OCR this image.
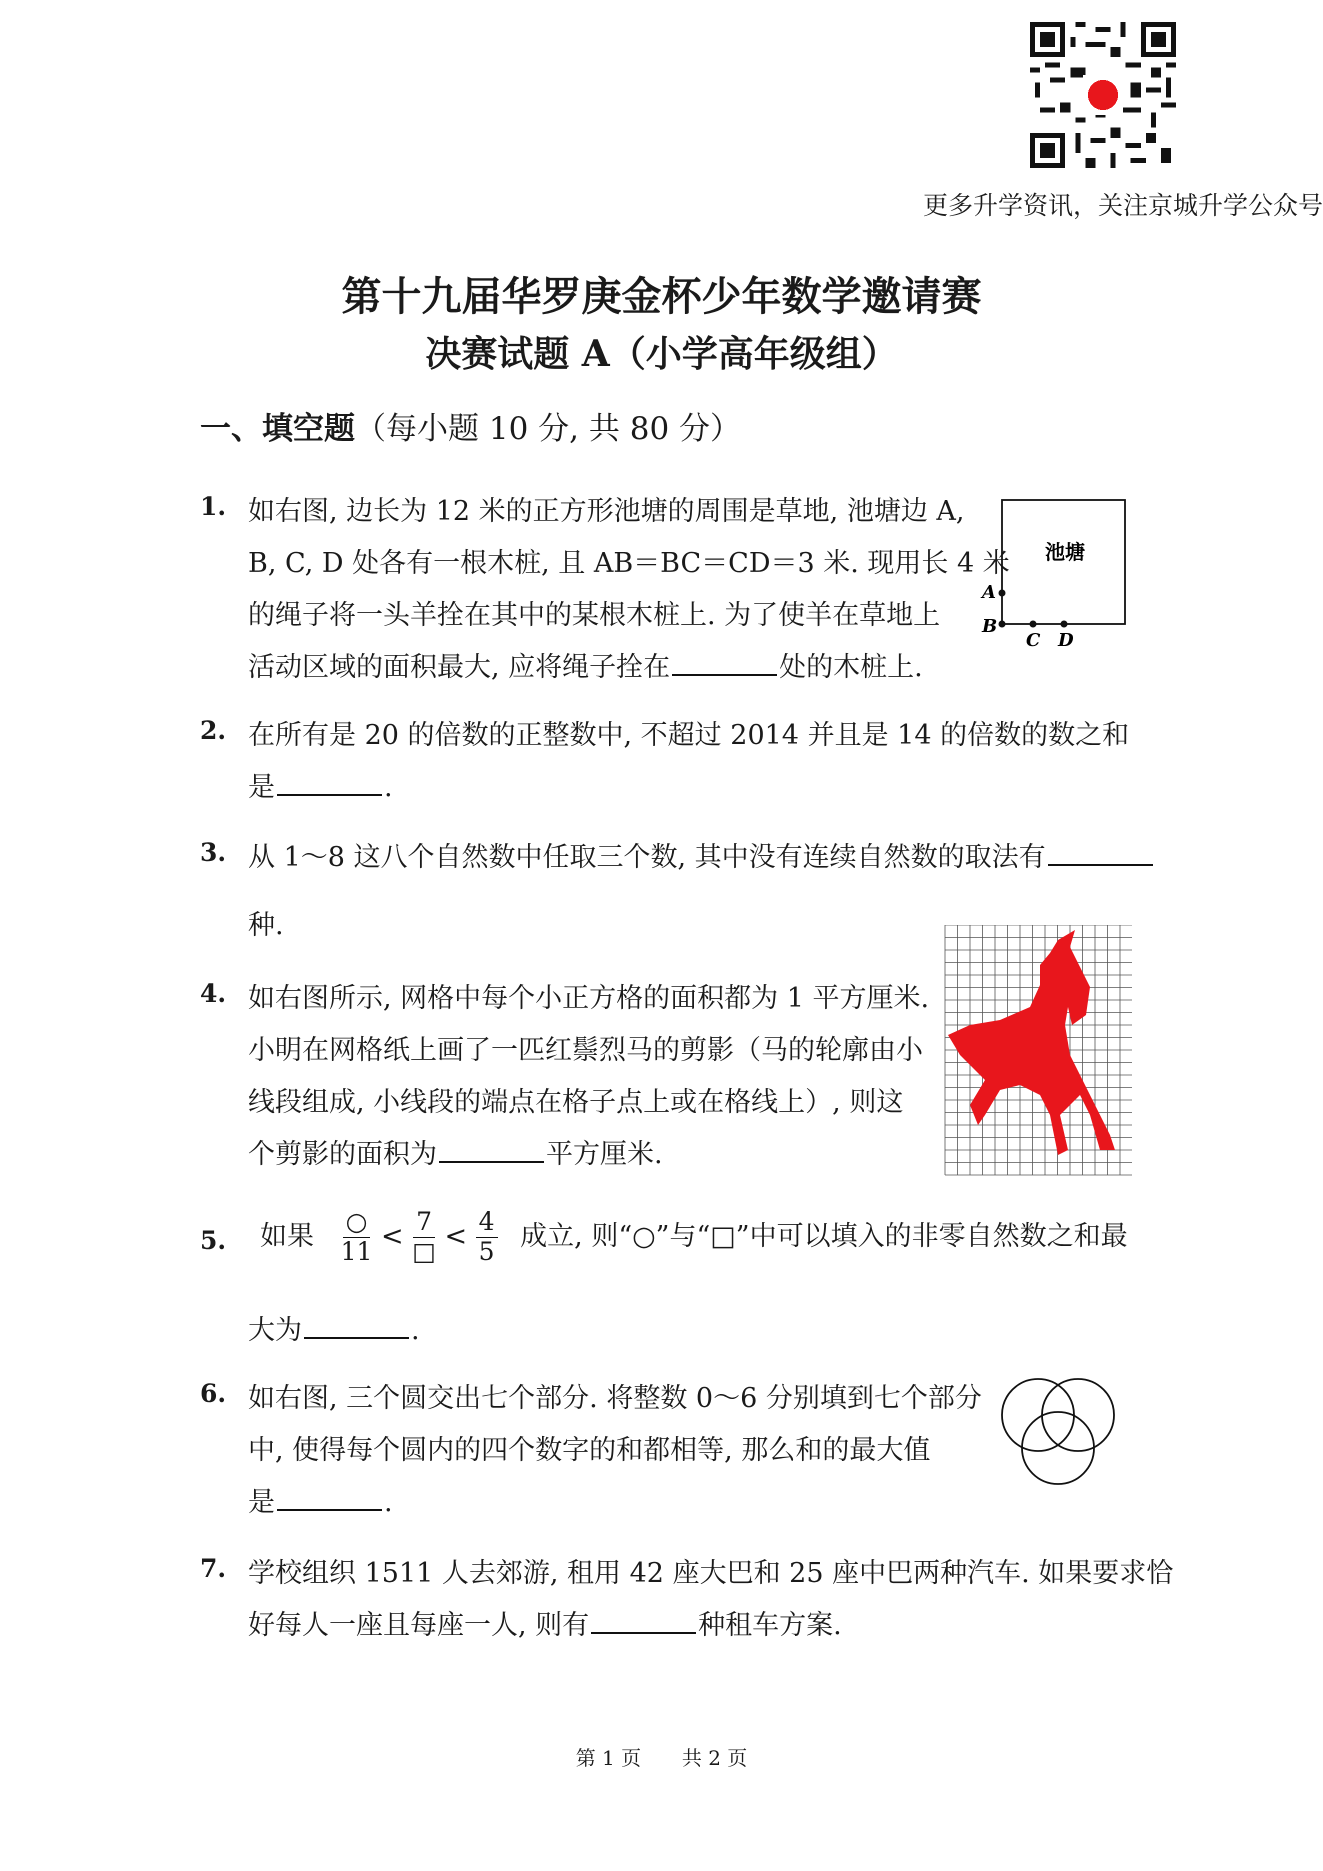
更多升学资讯，关注京城升学公众号
第十九届华罗庚金杯少年数学邀请赛
决赛试题 A（小学高年级组）
一、填空题（每小题 10 分, 共 80 分）
1. 如右图, 边长为 12 米的正方形池塘的周围是草地, 池塘边 A,
B, C, D 处各有一根木桩, 且 AB＝BC＝CD＝3 米. 现用长 4 米
的绳子将一头羊拴在其中的某根木桩上. 为了使羊在草地上
活动区域的面积最大, 应将绳子拴在	处的木桩上.
池塘
A
B
C D
2. 在所有是 20 的倍数的正整数中, 不超过 2014 并且是 14 的倍数的数之和
是	.
3. 从 1～8 这八个自然数中任取三个数, 其中没有连续自然数的取法有
种.
4. 如右图所示, 网格中每个小正方格的面积都为 1 平方厘米.
小明在网格纸上画了一匹红鬃烈马的剪影（马的轮廓由小
线段组成, 小线段的端点在格子点上或在格线上）, 则这
个剪影的面积为	平方厘米.
5. 如果 $\frac{○}{11} < \frac{7}{□} < \frac{4}{5}$ 成立, 则“○”与“□”中可以填入的非零自然数之和最
大为	.
6. 如右图, 三个圆交出七个部分. 将整数 0～6 分别填到七个部分
中, 使得每个圆内的四个数字的和都相等, 那么和的最大值
是	.
7. 学校组织 1511 人去郊游, 租用 42 座大巴和 25 座中巴两种汽车. 如果要求恰
好每人一座且每座一人, 则有	种租车方案.
第 1 页 共 2 页
